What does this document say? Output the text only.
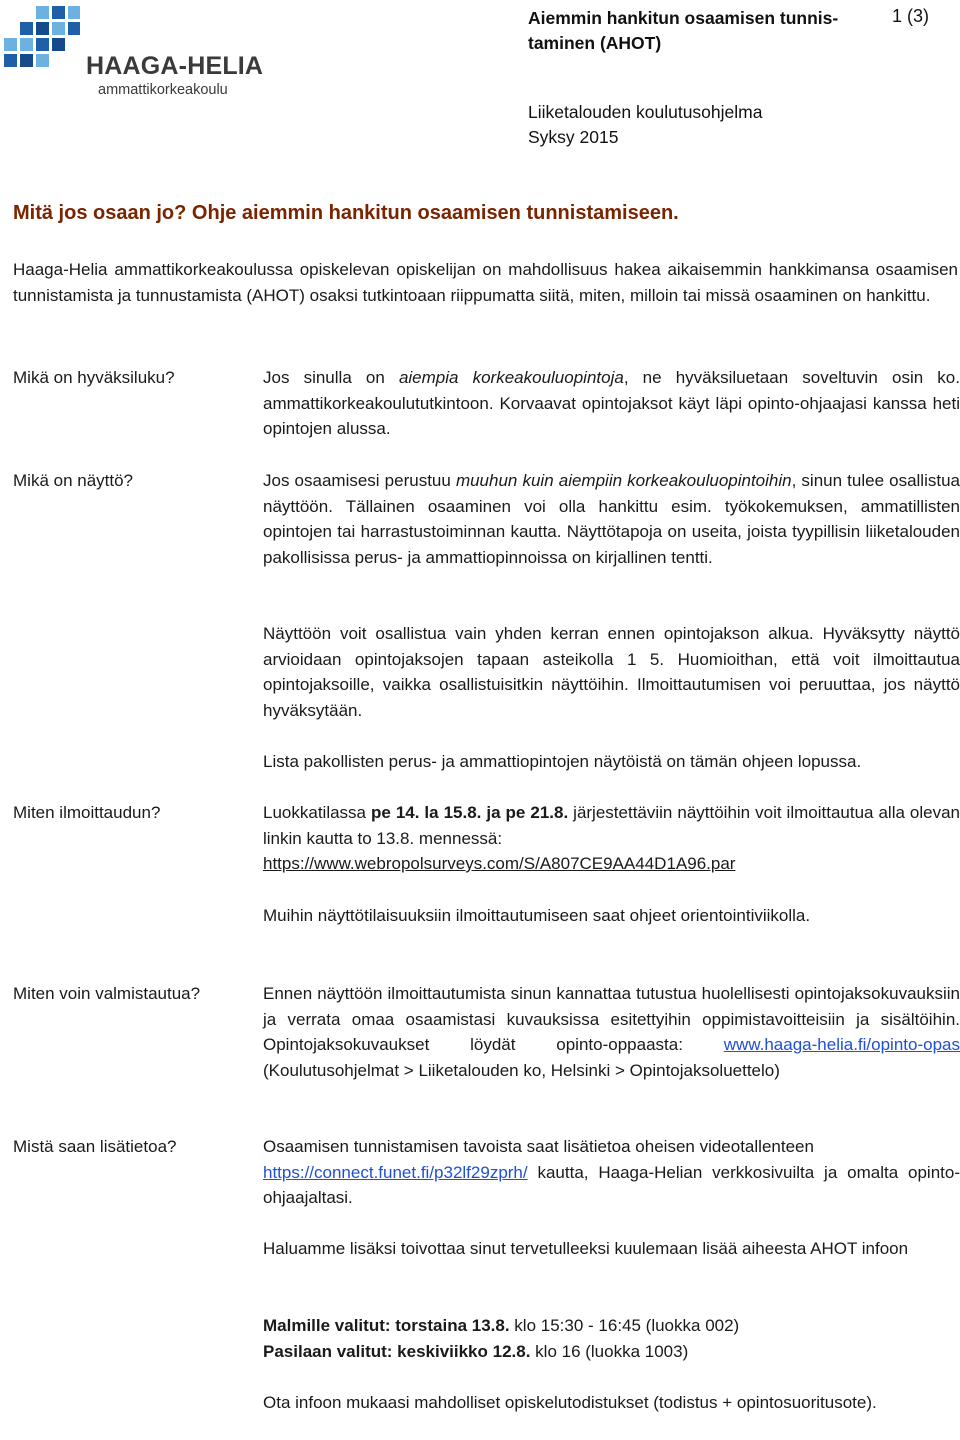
HAAGA-HELIA
ammattikorkeakoulu
Aiemmin hankitun osaamisen tunnis-taminen (AHOT)
1 (3)
Liiketalouden koulutusohjelma
Syksy 2015
Mitä jos osaan jo? Ohje aiemmin hankitun osaamisen tunnistamiseen.
Haaga-Helia ammattikorkeakoulussa opiskelevan opiskelijan on mahdollisuus hakea aikaisemmin hankkimansa osaamisen tunnistamista ja tunnustamista (AHOT) osaksi tutkintoaan riippumatta siitä, miten, milloin tai missä osaaminen on hankittu.
Mikä on hyväksiluku?	Jos sinulla on aiempia korkeakouluopintoja, ne hyväksiluetaan soveltuvin osin ko. ammattikorkeakoulututkintoon. Korvaavat opintojaksot käyt läpi opinto-ohjaajasi kanssa heti opintojen alussa.
Mikä on näyttö?	Jos osaamisesi perustuu muuhun kuin aiempiin korkeakouluopintoihin, sinun tulee osallistua näyttöön. Tällainen osaaminen voi olla hankittu esim. työkokemuksen, ammatillisten opintojen tai harrastustoiminnan kautta. Näyttötapoja on useita, joista tyypillisin liiketalouden pakollisissa perus- ja ammattiopinnoissa on kirjallinen tentti.
Näyttöön voit osallistua vain yhden kerran ennen opintojakson alkua. Hyväksytty näyttö arvioidaan opintojaksojen tapaan asteikolla 1 5. Huomioithan, että voit ilmoittautua opintojaksoille, vaikka osallistuisitkin näyttöihin. Ilmoittautumisen voi peruuttaa, jos näyttö hyväksytään.
Lista pakollisten perus- ja ammattiopintojen näytöistä on tämän ohjeen lopussa.
Miten ilmoittaudun?	Luokkatilassa pe 14. la 15.8. ja pe 21.8. järjestettäviin näyttöihin voit ilmoittautua alla olevan linkin kautta to 13.8. mennessä:
https://www.webropolsurveys.com/S/A807CE9AA44D1A96.par
Muihin näyttötilaisuuksiin ilmoittautumiseen saat ohjeet orientointiviikolla.
Miten voin valmistautua?	Ennen näyttöön ilmoittautumista sinun kannattaa tutustua huolellisesti opintojaksokuvauksiin ja verrata omaa osaamistasi kuvauksissa esitettyihin oppimistavoitteisiin ja sisältöihin. Opintojaksokuvaukset löydät opinto-oppaasta: www.haaga-helia.fi/opinto-opas (Koulutusohjelmat > Liiketalouden ko, Helsinki > Opintojaksoluettelo)
Mistä saan lisätietoa?	Osaamisen tunnistamisen tavoista saat lisätietoa oheisen videotallenteen
https://connect.funet.fi/p32lf29zprh/ kautta, Haaga-Helian verkkosivuilta ja omalta opinto-ohjaajaltasi.
Haluamme lisäksi toivottaa sinut tervetulleeksi kuulemaan lisää aiheesta AHOT infoon
Malmille valitut: torstaina 13.8. klo 15:30 - 16:45 (luokka 002)
Pasilaan valitut: keskiviikko 12.8. klo 16 (luokka 1003)
Ota infoon mukaasi mahdolliset opiskelutodistukset (todistus + opintosuoritusote).
